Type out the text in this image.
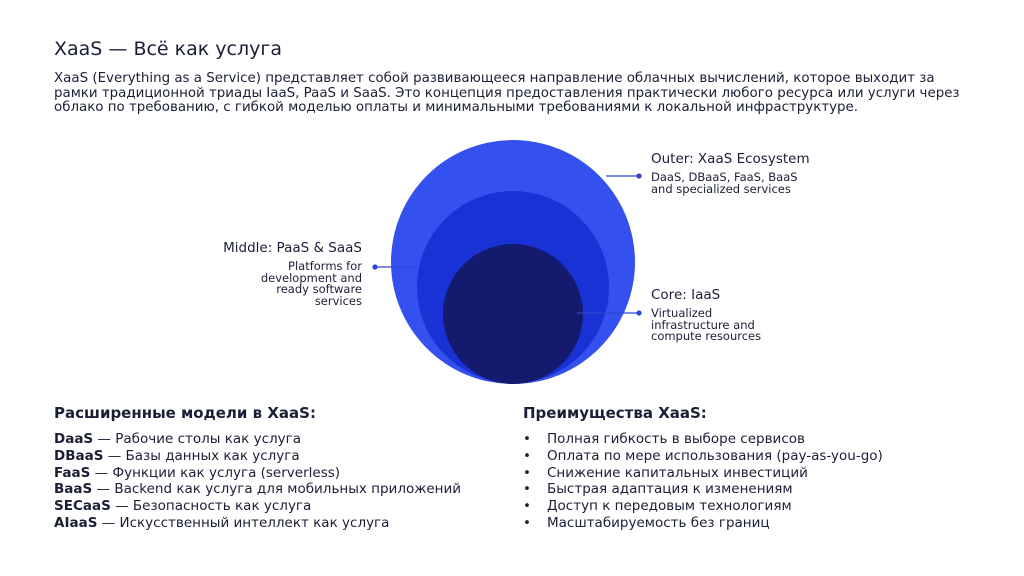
XaaS — Всё как услуга
XaaS (Everything as a Service) представляет собой развивающееся направление облачных вычислений, которое выходит за рамки традиционной триады IaaS, PaaS и SaaS. Это концепция предоставления практически любого ресурса или услуги через облако по требованию, с гибкой моделью оплаты и минимальными требованиями к локальной инфраструктуре.
Outer: XaaS Ecosystem
DaaS, DBaaS, FaaS, BaaS
and specialized services
Middle: PaaS & SaaS
Platforms for
development and
ready software
services	Core: IaaS
Virtualized
infrastructure and
compute resources
Расширенные модели в XaaS:
DaaS — Рабочие столы как услуга
DBaaS — Базы данных как услуга
FaaS — Функции как услуга (serverless)
BaaS — Backend как услуга для мобильных приложений
SECaaS — Безопасность как услуга
AIaaS — Искусственный интеллект как услуга
Преимущества XaaS:
• Полная гибкость в выборе сервисов
• Оплата по мере использования (pay-as-you-go)
• Снижение капитальных инвестиций
• Быстрая адаптация к изменениям
• Доступ к передовым технологиям
• Масштабируемость без границ
